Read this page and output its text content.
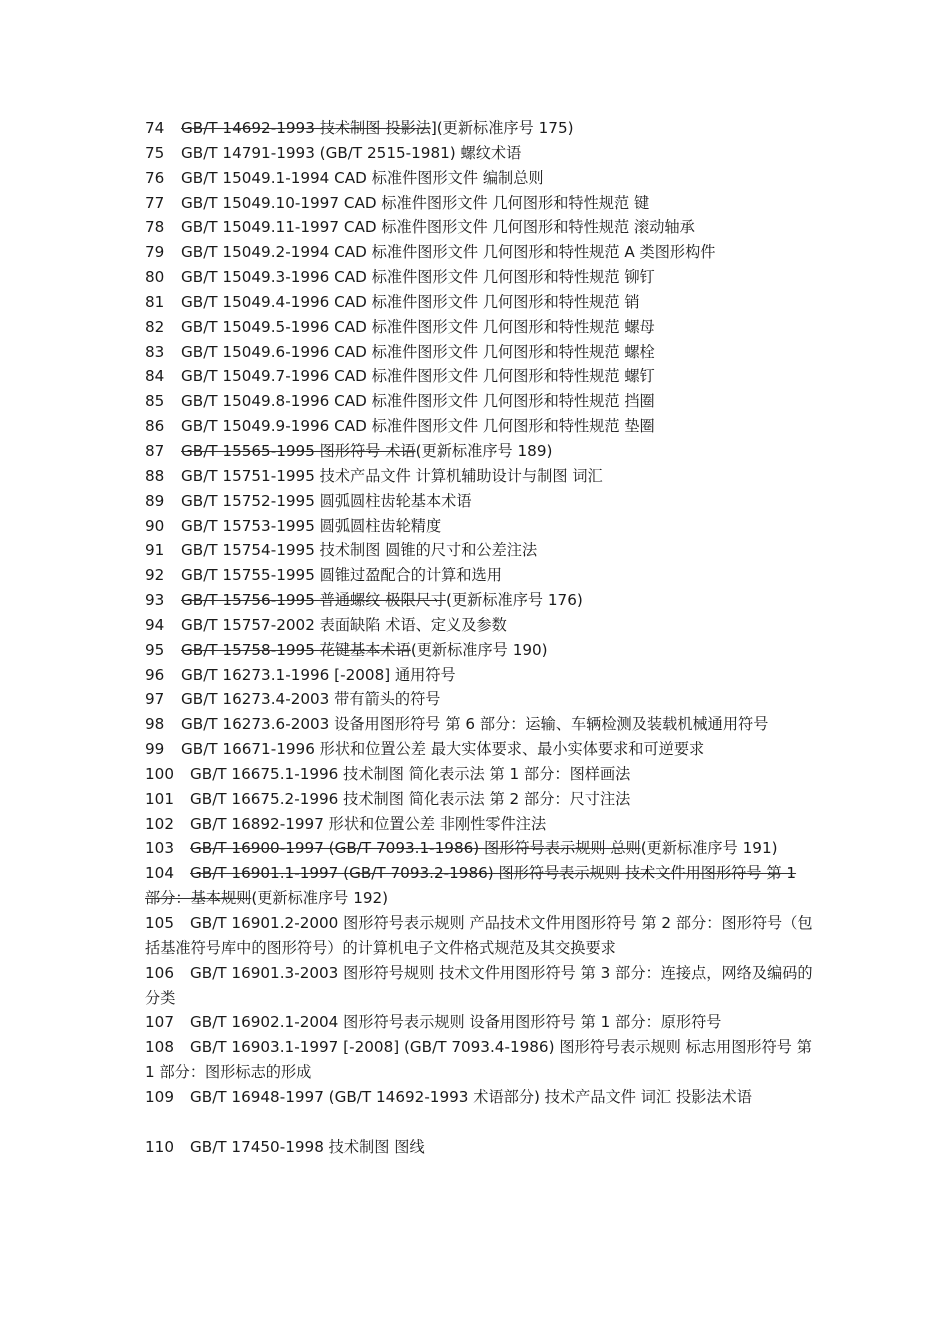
74 GB/T 14692-1993 技术制图 投影法](更新标准序号 175)
75 GB/T 14791-1993 (GB/T 2515-1981) 螺纹术语
76 GB/T 15049.1-1994 CAD 标准件图形文件 编制总则
77 GB/T 15049.10-1997 CAD 标准件图形文件 几何图形和特性规范 键
78 GB/T 15049.11-1997 CAD 标准件图形文件 几何图形和特性规范 滚动轴承
79 GB/T 15049.2-1994 CAD 标准件图形文件 几何图形和特性规范 A 类图形构件
80 GB/T 15049.3-1996 CAD 标准件图形文件 几何图形和特性规范 铆钉
81 GB/T 15049.4-1996 CAD 标准件图形文件 几何图形和特性规范 销
82 GB/T 15049.5-1996 CAD 标准件图形文件 几何图形和特性规范 螺母
83 GB/T 15049.6-1996 CAD 标准件图形文件 几何图形和特性规范 螺栓
84 GB/T 15049.7-1996 CAD 标准件图形文件 几何图形和特性规范 螺钉
85 GB/T 15049.8-1996 CAD 标准件图形文件 几何图形和特性规范 挡圈
86 GB/T 15049.9-1996 CAD 标准件图形文件 几何图形和特性规范 垫圈
87 GB/T 15565-1995 图形符号 术语(更新标准序号 189)
88 GB/T 15751-1995 技术产品文件 计算机辅助设计与制图 词汇
89 GB/T 15752-1995 圆弧圆柱齿轮基本术语
90 GB/T 15753-1995 圆弧圆柱齿轮精度
91 GB/T 15754-1995 技术制图 圆锥的尺寸和公差注法
92 GB/T 15755-1995 圆锥过盈配合的计算和选用
93 GB/T 15756-1995 普通螺纹 极限尺寸(更新标准序号 176)
94 GB/T 15757-2002 表面缺陷 术语、定义及参数
95 GB/T 15758-1995 花键基本术语(更新标准序号 190)
96 GB/T 16273.1-1996 [-2008] 通用符号
97 GB/T 16273.4-2003 带有箭头的符号
98 GB/T 16273.6-2003 设备用图形符号 第 6 部分：运输、车辆检测及装载机械通用符号
99 GB/T 16671-1996 形状和位置公差 最大实体要求、最小实体要求和可逆要求
100 GB/T 16675.1-1996 技术制图 简化表示法 第 1 部分：图样画法
101 GB/T 16675.2-1996 技术制图 简化表示法 第 2 部分：尺寸注法
102 GB/T 16892-1997 形状和位置公差 非刚性零件注法
103 GB/T 16900-1997 (GB/T 7093.1-1986) 图形符号表示规则 总则(更新标准序号 191)
104 GB/T 16901.1-1997 (GB/T 7093.2-1986) 图形符号表示规则 技术文件用图形符号 第 1 部分：基本规则(更新标准序号 192)
105 GB/T 16901.2-2000 图形符号表示规则 产品技术文件用图形符号 第 2 部分：图形符号（包括基准符号库中的图形符号）的计算机电子文件格式规范及其交换要求
106 GB/T 16901.3-2003 图形符号规则 技术文件用图形符号 第 3 部分：连接点，网络及编码的分类
107 GB/T 16902.1-2004 图形符号表示规则 设备用图形符号 第 1 部分：原形符号
108 GB/T 16903.1-1997 [-2008] (GB/T 7093.4-1986) 图形符号表示规则 标志用图形符号 第 1 部分：图形标志的形成
109 GB/T 16948-1997 (GB/T 14692-1993 术语部分) 技术产品文件 词汇 投影法术语
110 GB/T 17450-1998 技术制图 图线
